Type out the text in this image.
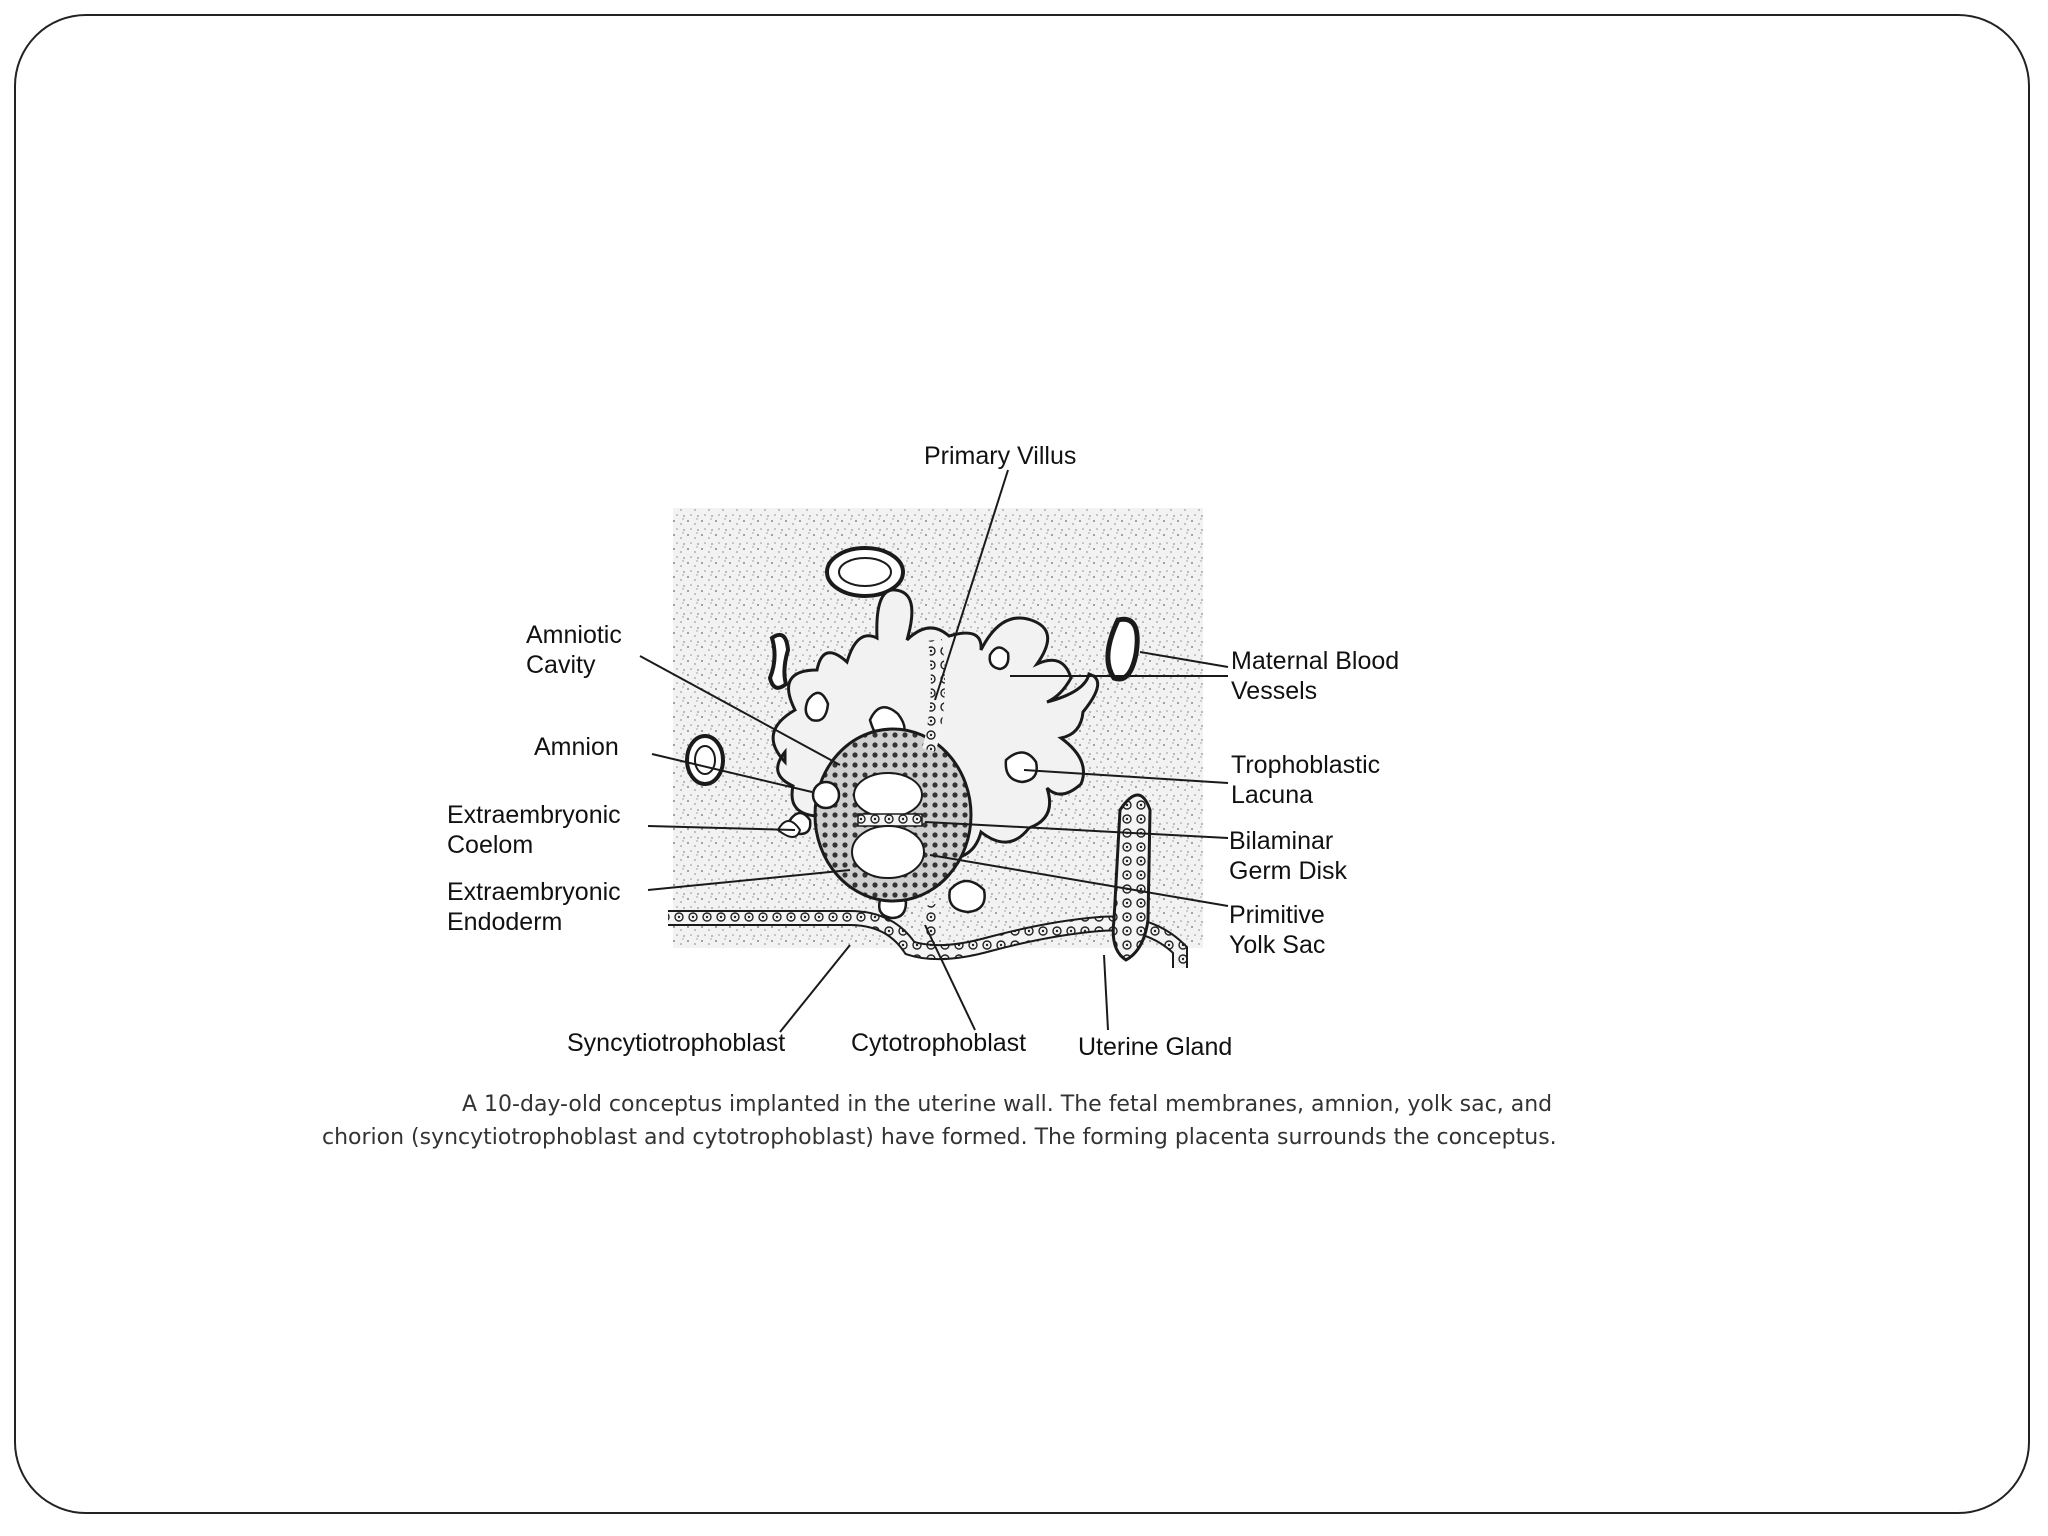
Primary Villus
Amniotic
Cavity
Amnion
Extraembryonic
Coelom
Extraembryonic
Endoderm
Maternal Blood
Vessels
Trophoblastic
Lacuna
Bilaminar
Germ Disk
Primitive
Yolk Sac
Syncytiotrophoblast	Cytotrophoblast Uterine Gland
A 10-day-old conceptus implanted in the uterine wall. The fetal membranes, amnion, yolk sac, and chorion (syncytiotrophoblast and cytotrophoblast) have formed. The forming placenta surrounds the conceptus.
